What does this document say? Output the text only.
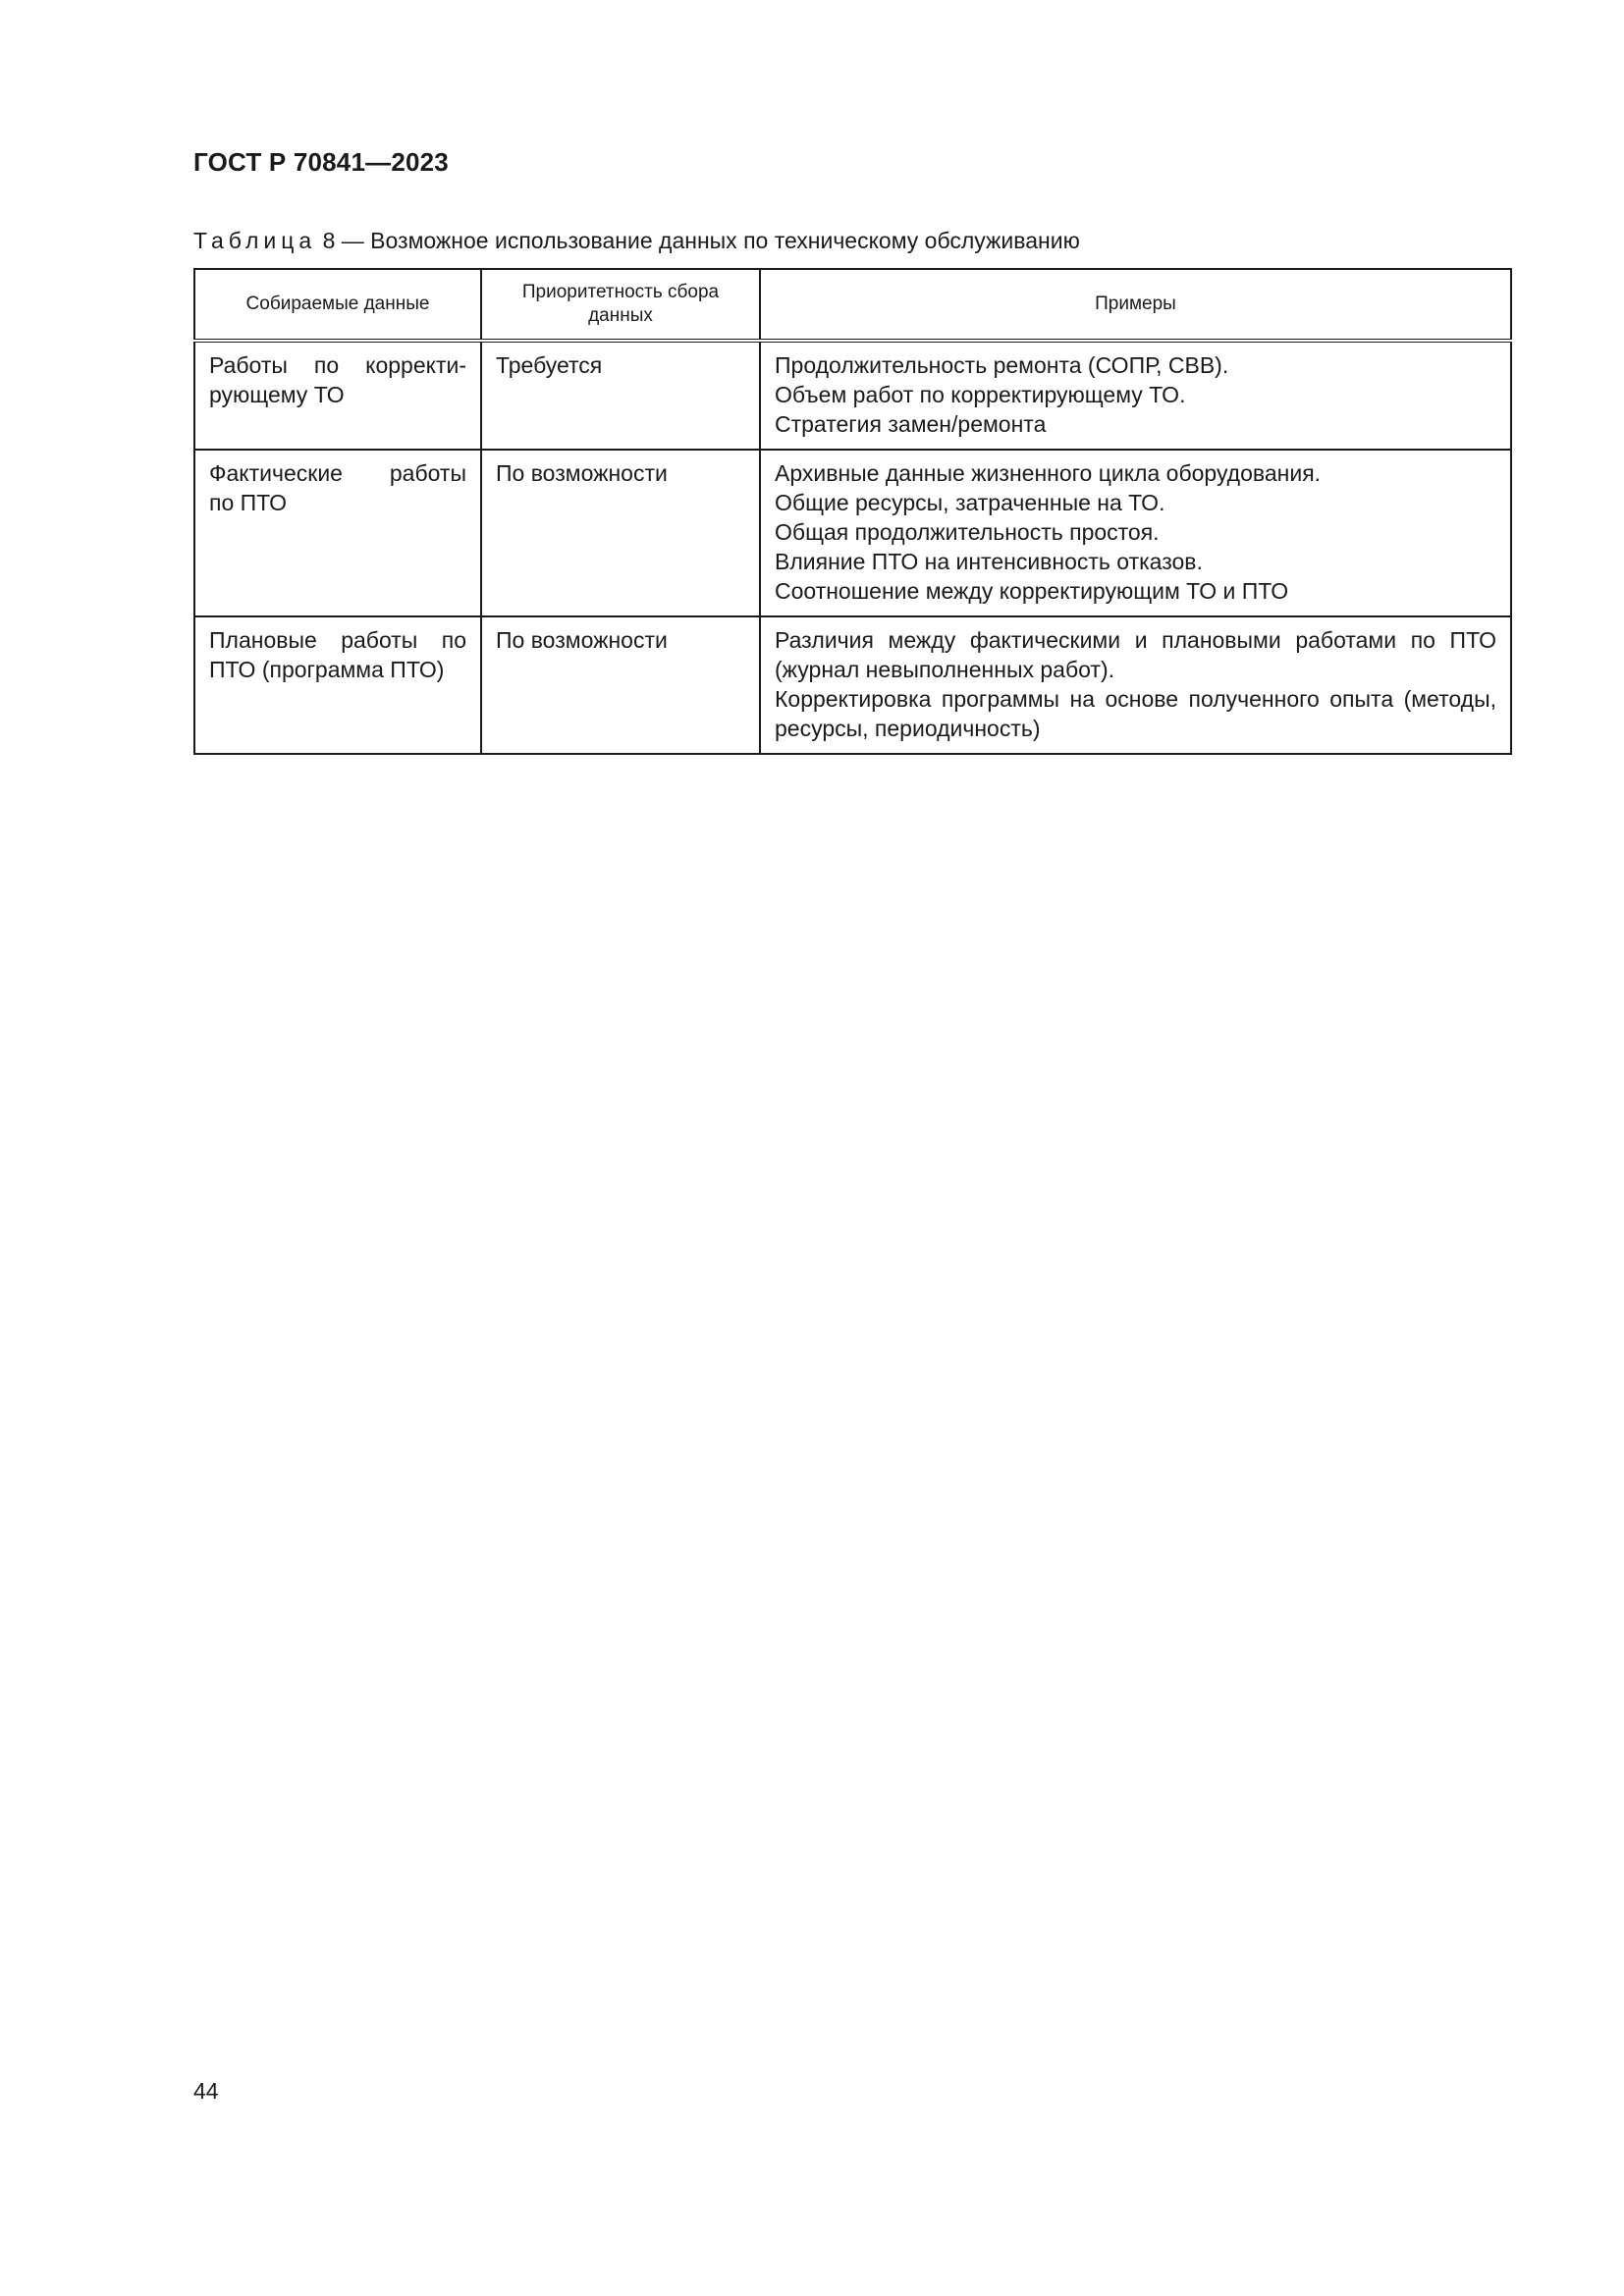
ГОСТ Р 70841—2023
Таблица 8 — Возможное использование данных по техническому обслуживанию
Собираемые данные	Приоритетность сбора данных	Примеры

Работы по корректи-
рующему ТО	Требуется	Продолжительность ремонта (СОПР, СВВ).
Объем работ по корректирующему ТО.
Стратегия замен/ремонта

Фактические работы
по ПТО	По возможности	Архивные данные жизненного цикла оборудования.
Общие ресурсы, затраченные на ТО.
Общая продолжительность простоя.
Влияние ПТО на интенсивность отказов.
Соотношение между корректирующим ТО и ПТО

Плановые работы по
ПТО (программа ПТО)	По возможности	Различия между фактическими и плановыми работами по ПТО (журнал невыполненных работ).
Корректировка программы на основе полученного опыта (методы, ресурсы, периодичность)
44
